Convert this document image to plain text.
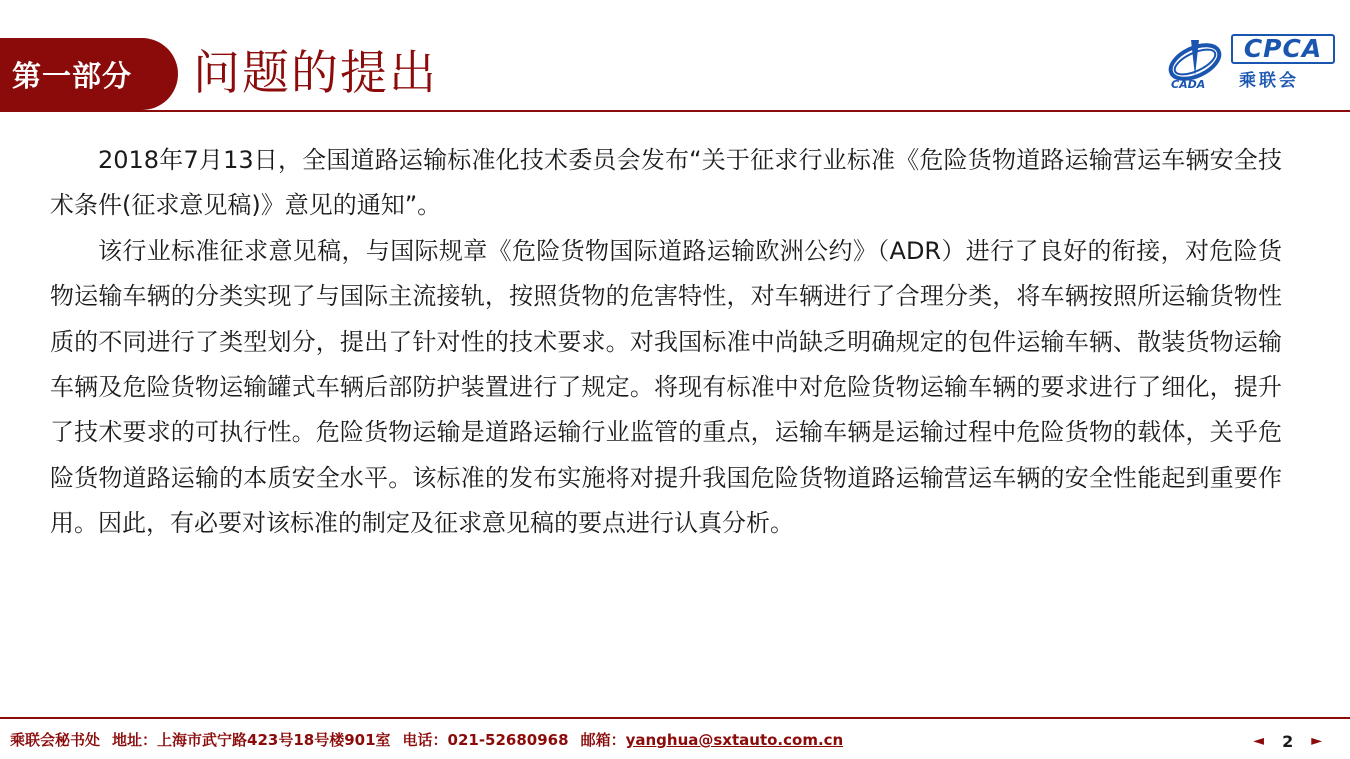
第一部分 问题的提出	CADA
CPCA
乘联会

2018年7月13日，全国道路运输标准化技术委员会发布“关于征求行业标准《危险货物道路运输营运车辆安全技术条件(征求意见稿)》意见的通知”。

该行业标准征求意见稿，与国际规章《危险货物国际道路运输欧洲公约》（ADR）进行了良好的衔接，对危险货物运输车辆的分类实现了与国际主流接轨，按照货物的危害特性，对车辆进行了合理分类，将车辆按照所运输货物性质的不同进行了类型划分，提出了针对性的技术要求。对我国标准中尚缺乏明确规定的包件运输车辆、散装货物运输车辆及危险货物运输罐式车辆后部防护装置进行了规定。将现有标准中对危险货物运输车辆的要求进行了细化，提升了技术要求的可执行性。危险货物运输是道路运输行业监管的重点，运输车辆是运输过程中危险货物的载体，关乎危险货物道路运输的本质安全水平。该标准的发布实施将对提升我国危险货物道路运输营运车辆的安全性能起到重要作用。因此，有必要对该标准的制定及征求意见稿的要点进行认真分析。

乘联会秘书处 地址：上海市武宁路423号18号楼901室 电话：021-52680968 邮箱：yanghua@sxtauto.com.cn	◄ 2 ►
